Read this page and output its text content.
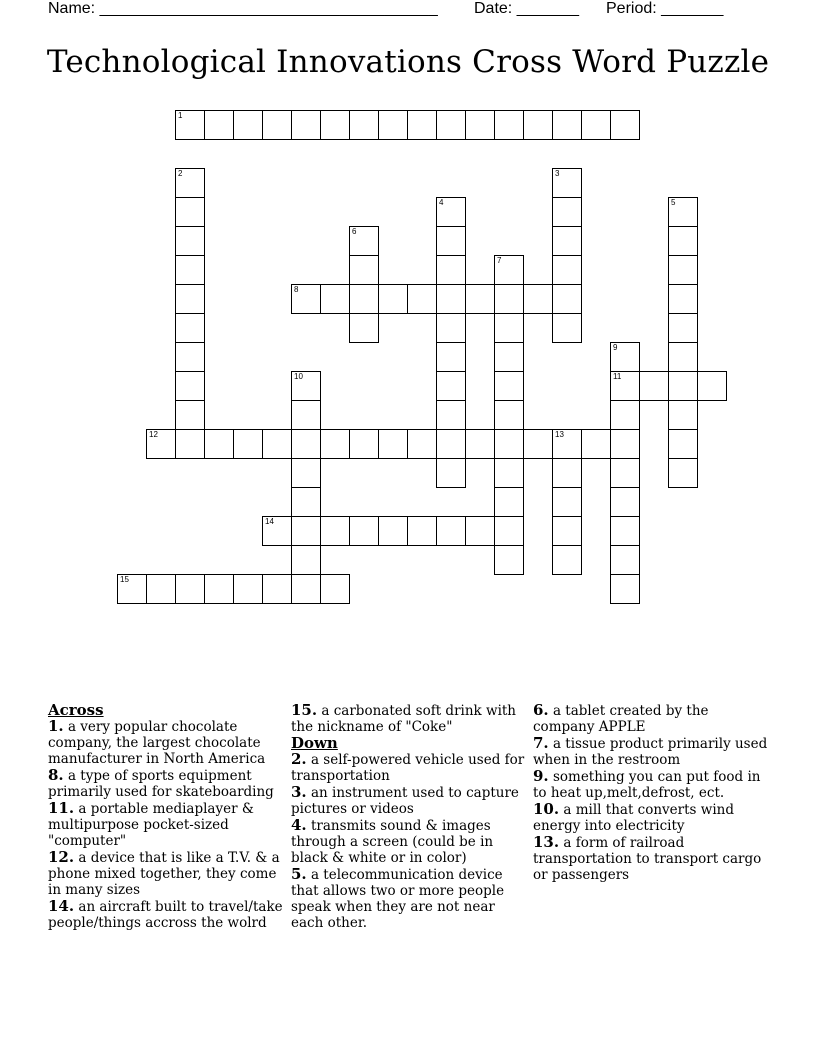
Name: ______________________________________ Date: _______ Period: _______
Technological Innovations Cross Word Puzzle
1
2	3
4	5
6
7
8
9
11
10
12	13
14
15

Across

1. a very popular chocolate company, the largest chocolate manufacturer in North America

8. a type of sports equipment primarily used for skateboarding

11. a portable mediaplayer & multipurpose pocket-sized "computer"

12. a device that is like a T.V. & a phone mixed together, they come in many sizes

14. an aircraft built to travel/take people/things accross the wolrd

15. a carbonated soft drink with the nickname of "Coke"

Down

2. a self-powered vehicle used for transportation

3. an instrument used to capture pictures or videos

4. transmits sound & images through a screen (could be in black & white or in color)

5. a telecommunication device that allows two or more people speak when they are not near each other.

6. a tablet created by the company APPLE

7. a tissue product primarily used when in the restroom

9. something you can put food in to heat up,melt,defrost, ect.

10. a mill that converts wind energy into electricity

13. a form of railroad transportation to transport cargo or passengers
